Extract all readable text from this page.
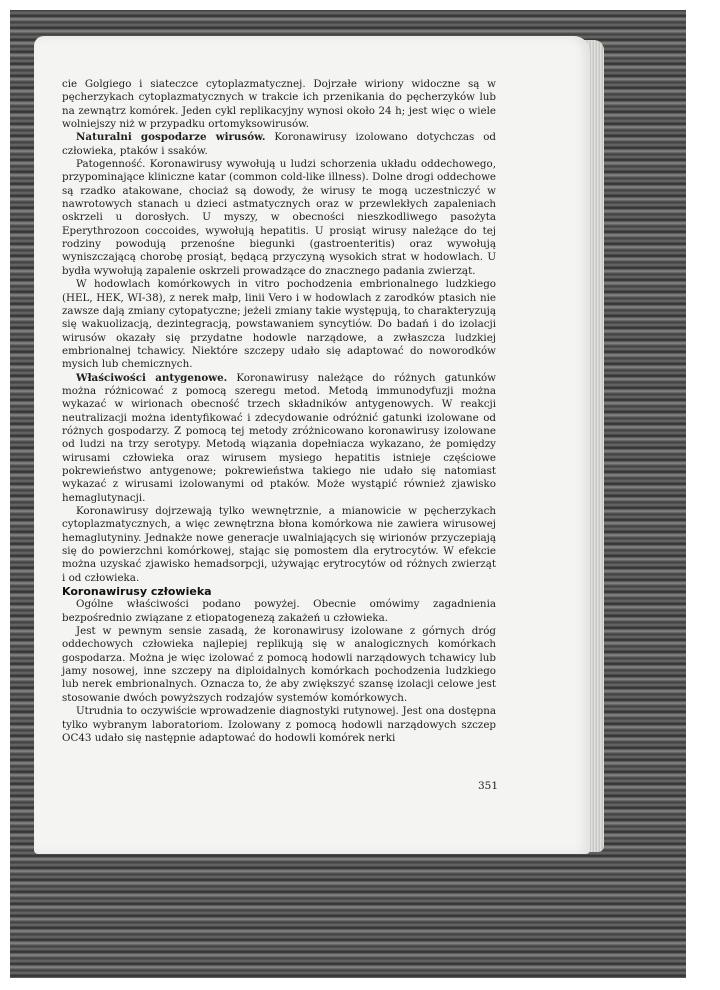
cie Golgiego i siateczce cytoplazmatycznej. Dojrzałe wiriony widoczne są w pęcherzykach cytoplazmatycznych w trakcie ich przenikania do pęcherzyków lub na zewnątrz komórek. Jeden cykl replikacyjny wynosi około 24 h; jest więc o wiele wolniejszy niż w przypadku ortomyksowirusów.

Naturalni gospodarze wirusów. Koronawirusy izolowano dotychczas od człowieka, ptaków i ssaków.

Patogenność. Koronawirusy wywołują u ludzi schorzenia układu oddechowego, przypominające kliniczne katar (common cold-like illness). Dolne drogi oddechowe są rzadko atakowane, chociaż są dowody, że wirusy te mogą uczestniczyć w nawrotowych stanach u dzieci astmatycznych oraz w przewlekłych zapaleniach oskrzeli u dorosłych. U myszy, w obecności nieszkodliwego pasożyta Eperythrozoon coccoides, wywołują hepatitis. U prosiąt wirusy należące do tej rodziny powodują przenośne biegunki (gastroenteritis) oraz wywołują wyniszczającą chorobę prosiąt, będącą przyczyną wysokich strat w hodowlach. U bydła wywołują zapalenie oskrzeli prowadzące do znacznego padania zwierząt.

W hodowlach komórkowych in vitro pochodzenia embrionalnego ludzkiego (HEL, HEK, WI-38), z nerek małp, linii Vero i w hodowlach z zarodków ptasich nie zawsze dają zmiany cytopatyczne; jeżeli zmiany takie występują, to charakteryzują się wakuolizacją, dezintegracją, powstawaniem syncytiów. Do badań i do izolacji wirusów okazały się przydatne hodowle narządowe, a zwłaszcza ludzkiej embrionalnej tchawicy. Niektóre szczepy udało się adaptować do noworodków mysich lub chemicznych.

Właściwości antygenowe. Koronawirusy należące do różnych gatunków można różnicować z pomocą szeregu metod. Metodą immunodyfuzji można wykazać w wirionach obecność trzech składników antygenowych. W reakcji neutralizacji można identyfikować i zdecydowanie odróżnić gatunki izolowane od różnych gospodarzy. Z pomocą tej metody zróżnicowano koronawirusy izolowane od ludzi na trzy serotypy. Metodą wiązania dopełniacza wykazano, że pomiędzy wirusami człowieka oraz wirusem mysiego hepatitis istnieje częściowe pokrewieństwo antygenowe; pokrewieństwa takiego nie udało się natomiast wykazać z wirusami izolowanymi od ptaków. Może wystąpić również zjawisko hemaglutynacji.

Koronawirusy dojrzewają tylko wewnętrznie, a mianowicie w pęcherzykach cytoplazmatycznych, a więc zewnętrzna błona komórkowa nie zawiera wirusowej hemaglutyniny. Jednakże nowe generacje uwalniających się wirionów przyczepiają się do powierzchni komórkowej, stając się pomostem dla erytrocytów. W efekcie można uzyskać zjawisko hemadsorpcji, używając erytrocytów od różnych zwierząt i od człowieka.

Koronawirusy człowieka

Ogólne właściwości podano powyżej. Obecnie omówimy zagadnienia bezpośrednio związane z etiopatogenezą zakażeń u człowieka.

Jest w pewnym sensie zasadą, że koronawirusy izolowane z górnych dróg oddechowych człowieka najlepiej replikują się w analogicznych komórkach gospodarza. Można je więc izolować z pomocą hodowli narządowych tchawicy lub jamy nosowej, inne szczepy na diploidalnych komórkach pochodzenia ludzkiego lub nerek embrionalnych. Oznacza to, że aby zwiększyć szansę izolacji celowe jest stosowanie dwóch powyższych rodzajów systemów komórkowych.

Utrudnia to oczywiście wprowadzenie diagnostyki rutynowej. Jest ona dostępna tylko wybranym laboratoriom. Izolowany z pomocą hodowli narządowych szczep OC43 udało się następnie adaptować do hodowli komórek nerki

351
